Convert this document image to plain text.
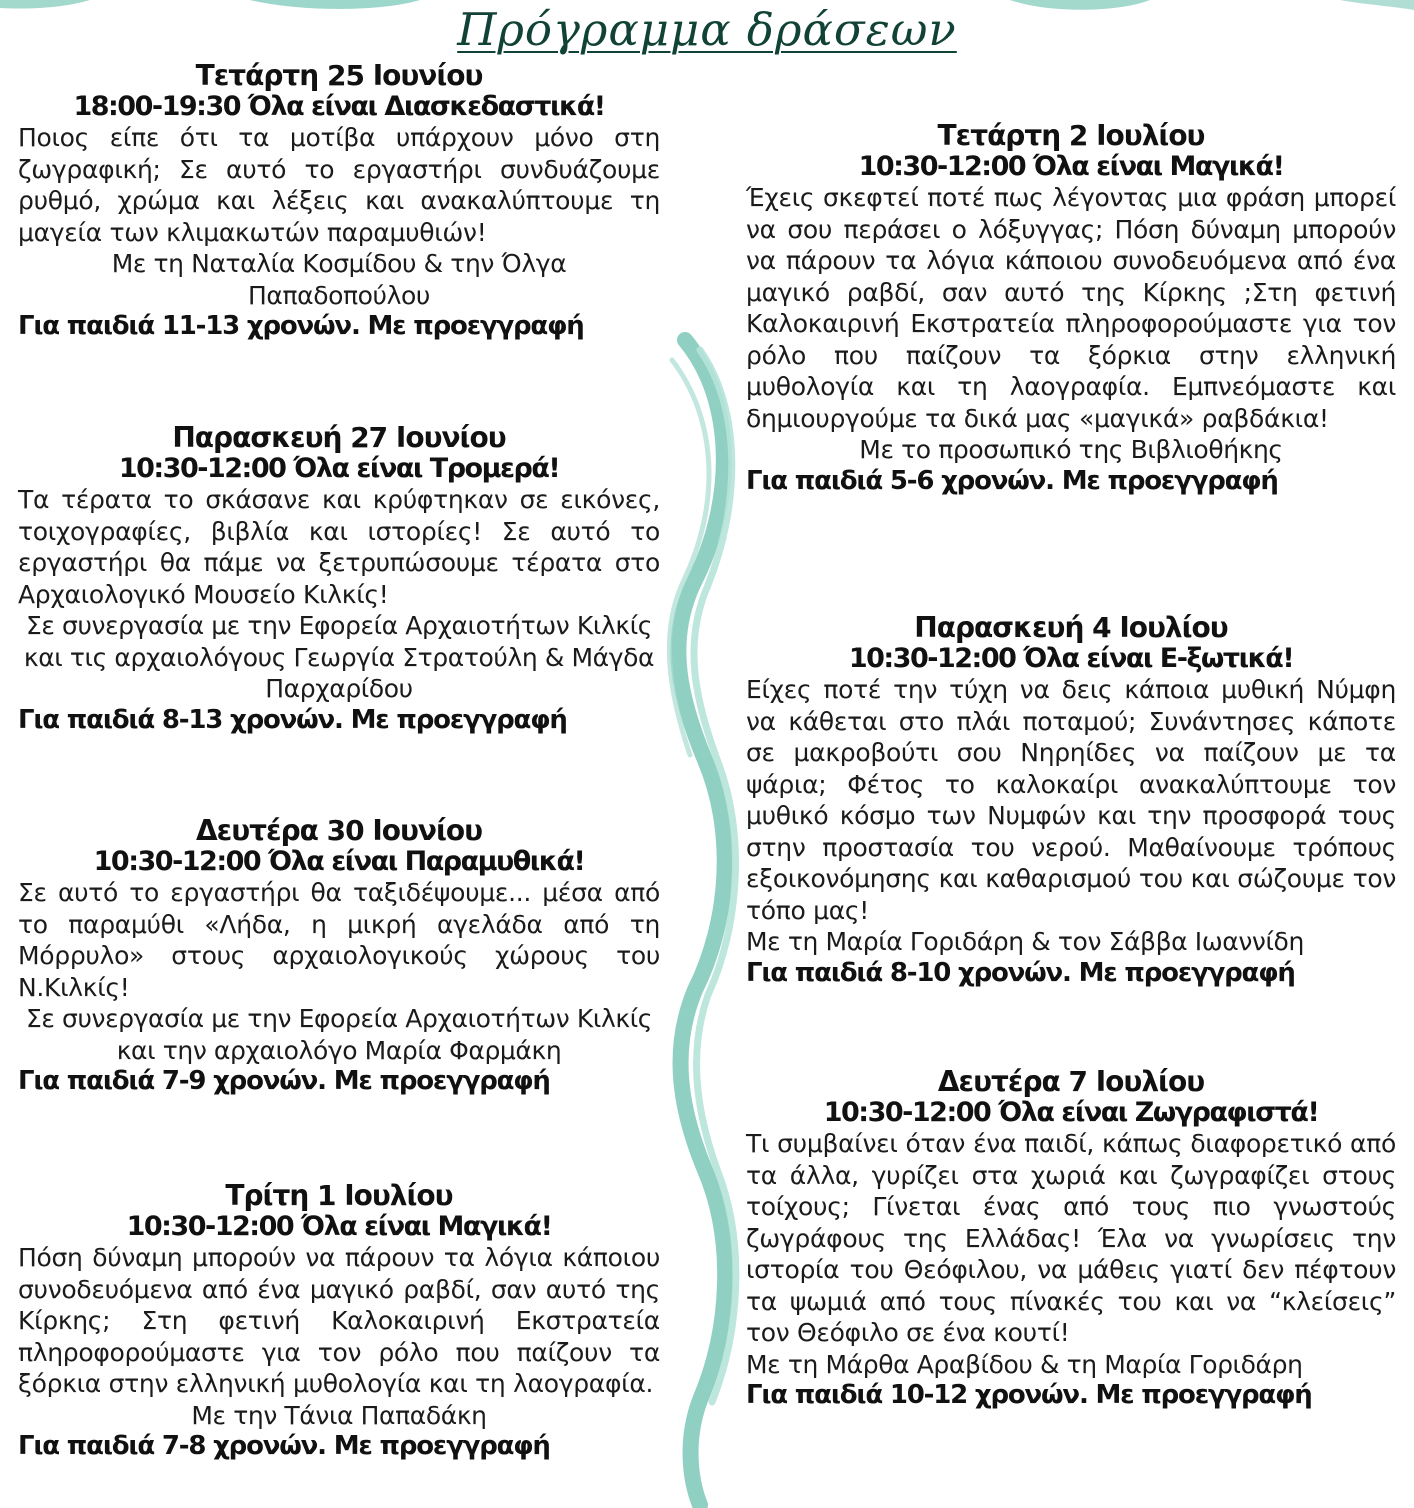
Πρόγραμμα δράσεων
Τετάρτη 25 Ιουνίου
18:00-19:30 Όλα είναι Διασκεδαστικά!

Ποιος είπε ότι τα μοτίβα υπάρχουν μόνο στη ζωγραφική; Σε αυτό το εργαστήρι συνδυάζουμε ρυθμό, χρώμα και λέξεις και ανακαλύπτουμε τη μαγεία των κλιμακωτών παραμυθιών!

Με τη Ναταλία Κοσμίδου & την Όλγα Παπαδοπούλου

Για παιδιά 11-13 χρονών. Με προεγγραφή

Παρασκευή 27 Ιουνίου
10:30-12:00 Όλα είναι Τρομερά!

Τα τέρατα το σκάσανε και κρύφτηκαν σε εικόνες, τοιχογραφίες, βιβλία και ιστορίες! Σε αυτό το εργαστήρι θα πάμε να ξετρυπώσουμε τέρατα στο Αρχαιολογικό Μουσείο Κιλκίς!

Σε συνεργασία με την Εφορεία Αρχαιοτήτων Κιλκίς και τις αρχαιολόγους Γεωργία Στρατούλη & Μάγδα Παρχαρίδου

Για παιδιά 8-13 χρονών. Με προεγγραφή

Δευτέρα 30 Ιουνίου
10:30-12:00 Όλα είναι Παραμυθικά!

Σε αυτό το εργαστήρι θα ταξιδέψουμε... μέσα από το παραμύθι «Λήδα, η μικρή αγελάδα από τη Μόρρυλο» στους αρχαιολογικούς χώρους του Ν.Κιλκίς!

Σε συνεργασία με την Εφορεία Αρχαιοτήτων Κιλκίς και την αρχαιολόγο Μαρία Φαρμάκη

Για παιδιά 7-9 χρονών. Με προεγγραφή

Τρίτη 1 Ιουλίου
10:30-12:00 Όλα είναι Μαγικά!

Πόση δύναμη μπορούν να πάρουν τα λόγια κάποιου συνοδευόμενα από ένα μαγικό ραβδί, σαν αυτό της Κίρκης; Στη φετινή Καλοκαιρινή Εκστρατεία πληροφορούμαστε για τον ρόλο που παίζουν τα ξόρκια στην ελληνική μυθολογία και τη λαογραφία.

Με την Τάνια Παπαδάκη

Για παιδιά 7-8 χρονών. Με προεγγραφή

Τετάρτη 2 Ιουλίου
10:30-12:00 Όλα είναι Μαγικά!

Έχεις σκεφτεί ποτέ πως λέγοντας μια φράση μπορεί να σου περάσει ο λόξυγγας; Πόση δύναμη μπορούν να πάρουν τα λόγια κάποιου συνοδευόμενα από ένα μαγικό ραβδί, σαν αυτό της Κίρκης ;Στη φετινή Καλοκαιρινή Εκστρατεία πληροφορούμαστε για τον ρόλο που παίζουν τα ξόρκια στην ελληνική μυθολογία και τη λαογραφία. Εμπνεόμαστε και δημιουργούμε τα δικά μας «μαγικά» ραβδάκια!

Με το προσωπικό της Βιβλιοθήκης

Για παιδιά 5-6 χρονών. Με προεγγραφή

Παρασκευή 4 Ιουλίου
10:30-12:00 Όλα είναι Ε-ξωτικά!

Είχες ποτέ την τύχη να δεις κάποια μυθική Νύμφη να κάθεται στο πλάι ποταμού; Συνάντησες κάποτε σε μακροβούτι σου Νηρηίδες να παίζουν με τα ψάρια; Φέτος το καλοκαίρι ανακαλύπτουμε τον μυθικό κόσμο των Νυμφών και την προσφορά τους στην προστασία του νερού. Μαθαίνουμε τρόπους εξοικονόμησης και καθαρισμού του και σώζουμε τον τόπο μας!

Με τη Μαρία Γοριδάρη & τον Σάββα Ιωαννίδη

Για παιδιά 8-10 χρονών. Με προεγγραφή

Δευτέρα 7 Ιουλίου
10:30-12:00 Όλα είναι Ζωγραφιστά!

Τι συμβαίνει όταν ένα παιδί, κάπως διαφορετικό από τα άλλα, γυρίζει στα χωριά και ζωγραφίζει στους τοίχους; Γίνεται ένας από τους πιο γνωστούς ζωγράφους της Ελλάδας! Έλα να γνωρίσεις την ιστορία του Θεόφιλου, να μάθεις γιατί δεν πέφτουν τα ψωμιά από τους πίνακές του και να “κλείσεις” τον Θεόφιλο σε ένα κουτί!

Με τη Μάρθα Αραβίδου & τη Μαρία Γοριδάρη

Για παιδιά 10-12 χρονών. Με προεγγραφή
